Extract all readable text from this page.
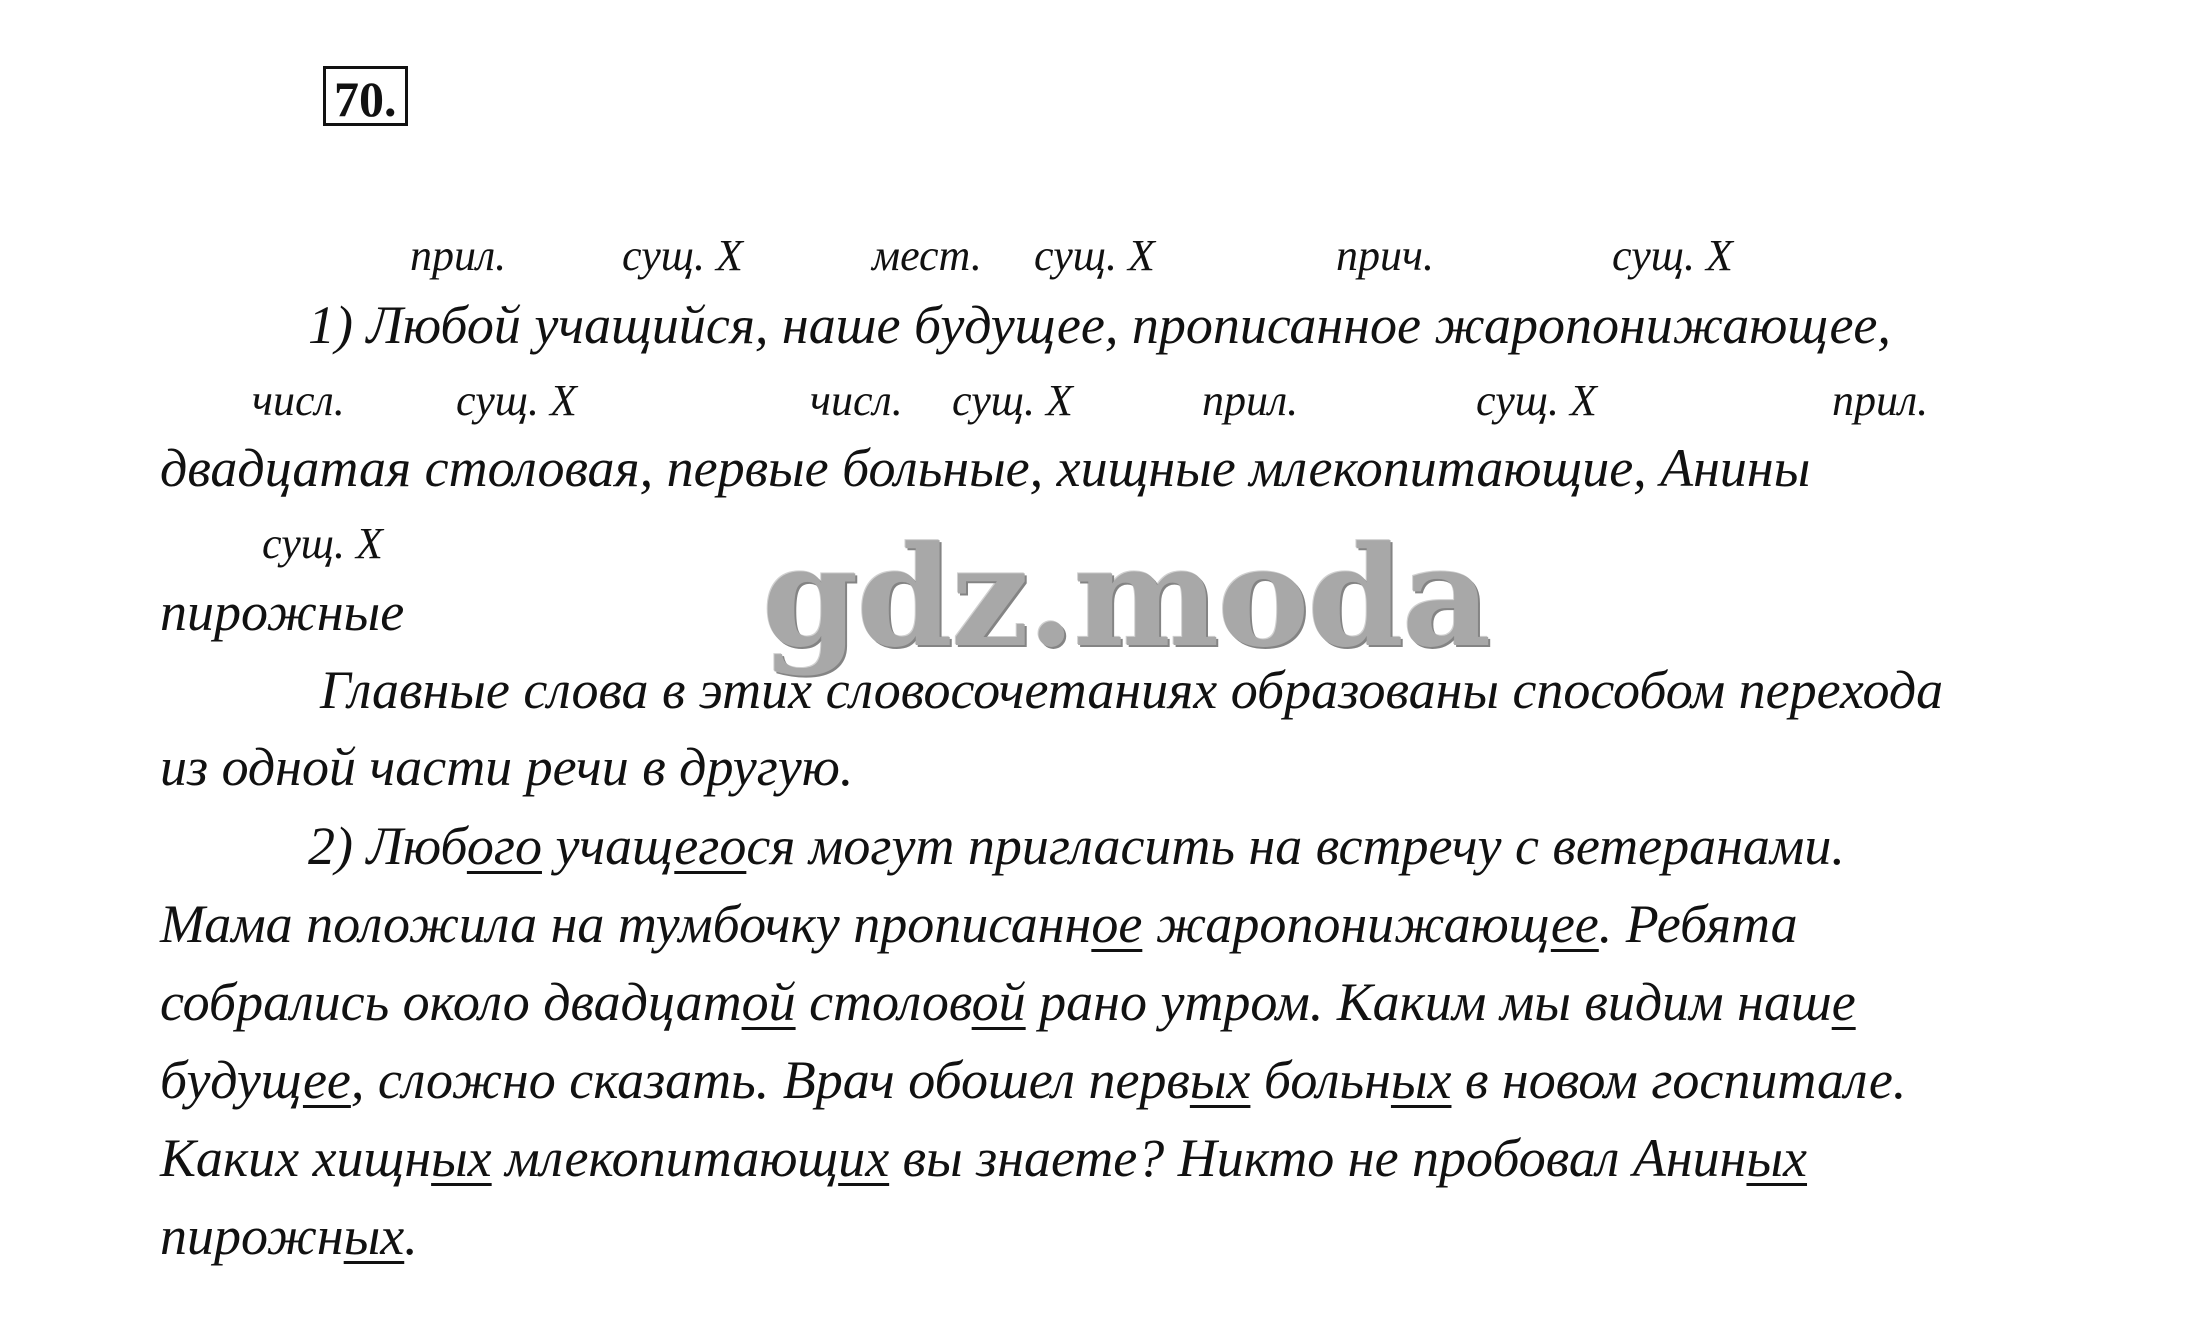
70.
прил.	сущ. Х	мест. сущ. Х	прич.	сущ. Х
1) Любой учащийся, наше будущее, прописанное жаропонижающее,
числ.	сущ. Х	числ. сущ. Х	прил.	сущ. Х	прил.
двадцатая столовая, первые больные, хищные млекопитающие, Анины
сущ. Х
пирожные
Главные слова в этих словосочетаниях образованы способом перехода
из одной части речи в другую.
2) Любого учащегося могут пригласить на встречу с ветеранами.
Мама положила на тумбочку прописанное жаропонижающее. Ребята
собрались около двадцатой столовой рано утром. Каким мы видим наше
будущее, сложно сказать. Врач обошел первых больных в новом госпитале.
Каких хищных млекопитающих вы знаете? Никто не пробовал Аниных
пирожных.
gdz.moda
